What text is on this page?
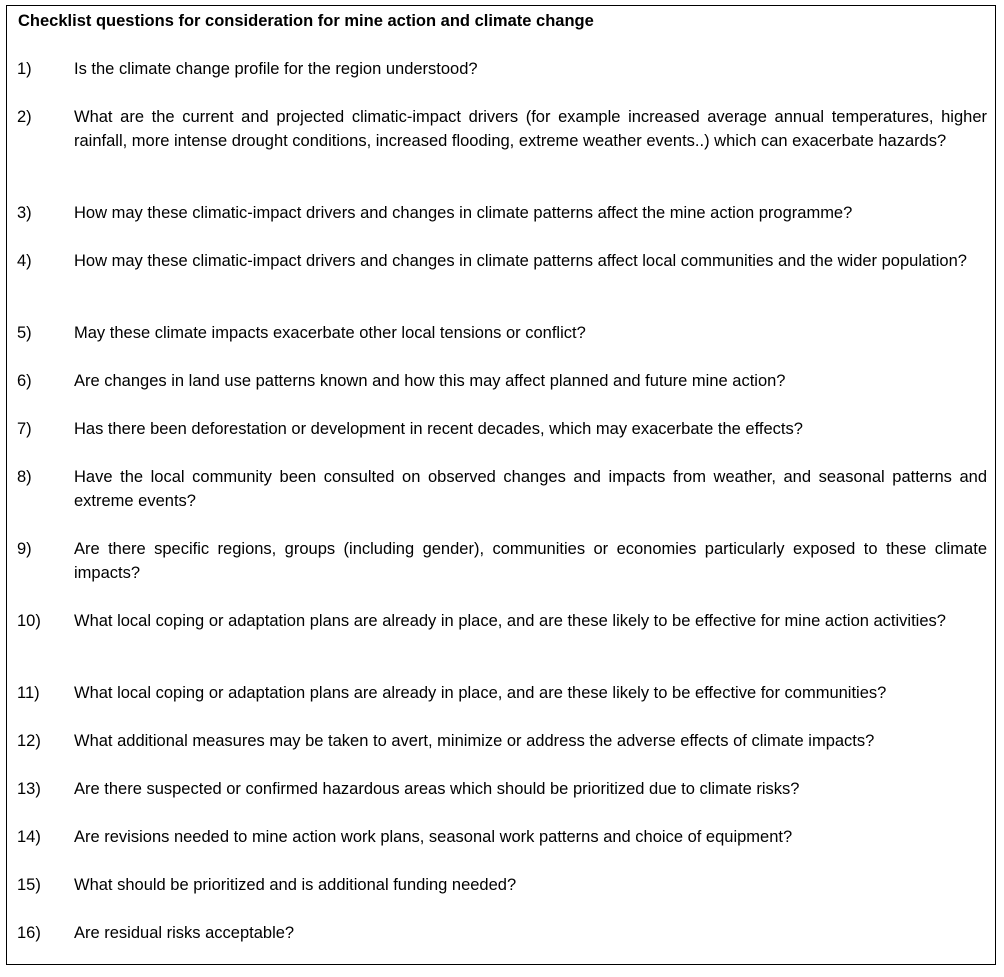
Checklist questions for consideration for mine action and climate change
1)	Is the climate change profile for the region understood?
2)	What are the current and projected climatic-impact drivers (for example increased average annual temperatures, higher rainfall, more intense drought conditions, increased flooding, extreme weather events..) which can exacerbate hazards?
3)	How may these climatic-impact drivers and changes in climate patterns affect the mine action programme?
4)	How may these climatic-impact drivers and changes in climate patterns affect local communities and the wider population?
5)	May these climate impacts exacerbate other local tensions or conflict?
6)	Are changes in land use patterns known and how this may affect planned and future mine action?
7)	Has there been deforestation or development in recent decades, which may exacerbate the effects?
8)	Have the local community been consulted on observed changes and impacts from weather, and seasonal patterns and extreme events?
9)	Are there specific regions, groups (including gender), communities or economies particularly exposed to these climate impacts?
10)	What local coping or adaptation plans are already in place, and are these likely to be effective for mine action activities?
11)	What local coping or adaptation plans are already in place, and are these likely to be effective for communities?
12)	What additional measures may be taken to avert, minimize or address the adverse effects of climate impacts?
13)	Are there suspected or confirmed hazardous areas which should be prioritized due to climate risks?
14)	Are revisions needed to mine action work plans, seasonal work patterns and choice of equipment?
15)	What should be prioritized and is additional funding needed?
16)	Are residual risks acceptable?
